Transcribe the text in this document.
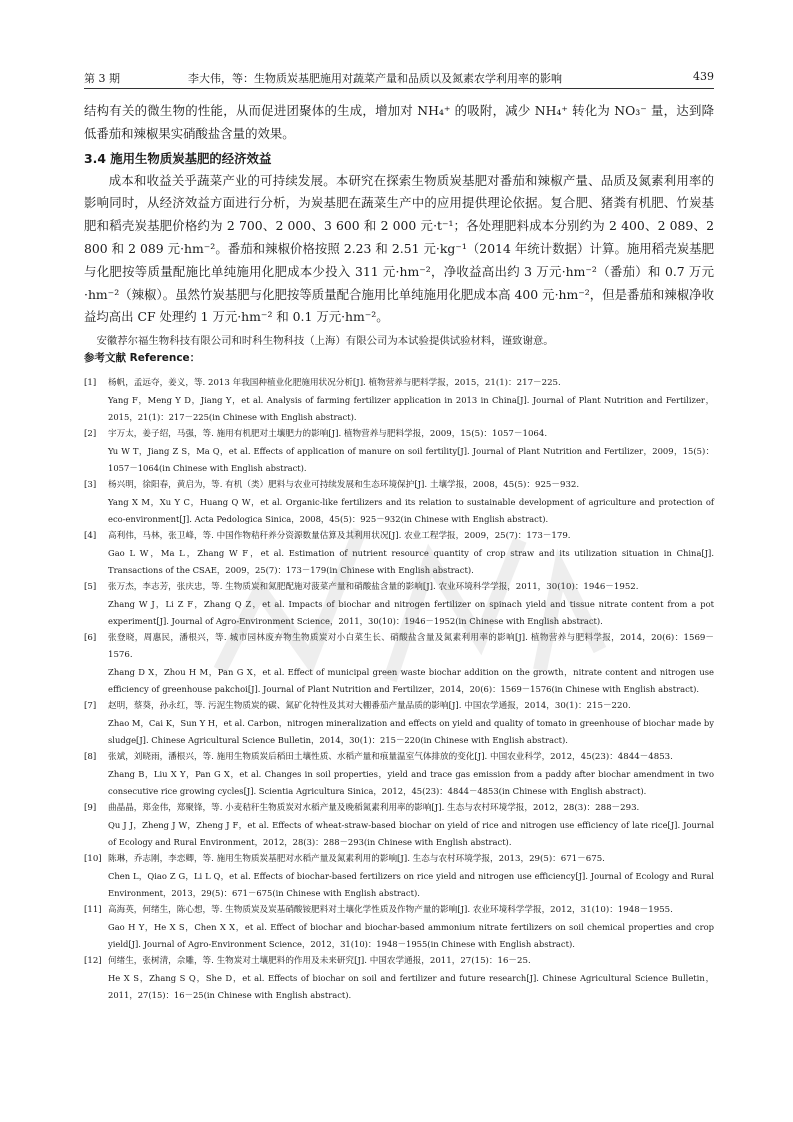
第 3 期	李大伟，等：生物质炭基肥施用对蔬菜产量和品质以及氮素农学利用率的影响	439

结构有关的微生物的性能，从而促进团聚体的生成，增加对 NH₄⁺ 的吸附，减少 NH₄⁺ 转化为 NO₃⁻ 量，达到降低番茄和辣椒果实硝酸盐含量的效果。

3.4 施用生物质炭基肥的经济效益

成本和收益关乎蔬菜产业的可持续发展。本研究在探索生物质炭基肥对番茄和辣椒产量、品质及氮素利用率的影响同时，从经济效益方面进行分析，为炭基肥在蔬菜生产中的应用提供理论依据。复合肥、猪粪有机肥、竹炭基肥和稻壳炭基肥价格约为 2 700、2 000、3 600 和 2 000 元·t⁻¹；各处理肥料成本分别约为 2 400、2 089、2 800 和 2 089 元·hm⁻²。番茄和辣椒价格按照 2.23 和 2.51 元·kg⁻¹（2014 年统计数据）计算。施用稻壳炭基肥与化肥按等质量配施比单纯施用化肥成本少投入 311 元·hm⁻²，净收益高出约 3 万元·hm⁻²（番茄）和 0.7 万元·hm⁻²（辣椒）。虽然竹炭基肥与化肥按等质量配合施用比单纯施用化肥成本高 400 元·hm⁻²，但是番茄和辣椒净收益均高出 CF 处理约 1 万元·hm⁻² 和 0.1 万元·hm⁻²。

安徽荐尔福生物科技有限公司和时科生物科技（上海）有限公司为本试验提供试验材料，谨致谢意。

参考文献 Reference：
[1] 杨帆，孟远夺，姜义，等. 2013 年我国种植业化肥施用状况分析[J]. 植物营养与肥料学报，2015，21(1)：217－225.

Yang F，Meng Y D，Jiang Y，et al. Analysis of farming fertilizer application in 2013 in China[J]. Journal of Plant Nutrition and Fertilizer，2015，21(1)：217－225(in Chinese with English abstract).

[2] 宇万太，姜子绍，马强，等. 施用有机肥对土壤肥力的影响[J]. 植物营养与肥料学报，2009，15(5)：1057－1064.

Yu W T，Jiang Z S，Ma Q，et al. Effects of application of manure on soil fertility[J]. Journal of Plant Nutrition and Fertilizer，2009，15(5)：1057－1064(in Chinese with English abstract).

[3] 杨兴明，徐阳春，黄启为，等. 有机（类）肥料与农业可持续发展和生态环境保护[J]. 土壤学报，2008，45(5)：925－932.

Yang X M，Xu Y C，Huang Q W，et al. Organic-like fertilizers and its relation to sustainable development of agriculture and protection of eco-environment[J]. Acta Pedologica Sinica，2008，45(5)：925－932(in Chinese with English abstract).

[4] 高利伟，马林，张卫峰，等. 中国作物秸秆养分资源数量估算及其利用状况[J]. 农业工程学报，2009，25(7)：173－179.

Gao L W，Ma L，Zhang W F，et al. Estimation of nutrient resource quantity of crop straw and its utilization situation in China[J]. Transactions of the CSAE，2009，25(7)：173－179(in Chinese with English abstract).

[5] 张万杰，李志芳，张庆忠，等. 生物质炭和氮肥配施对菠菜产量和硝酸盐含量的影响[J]. 农业环境科学学报，2011，30(10)：1946－1952.

Zhang W J，Li Z F，Zhang Q Z，et al. Impacts of biochar and nitrogen fertilizer on spinach yield and tissue nitrate content from a pot experiment[J]. Journal of Agro-Environment Science，2011，30(10)：1946－1952(in Chinese with English abstract).

[6] 张登晓，周惠民，潘根兴，等. 城市园林废弃物生物质炭对小白菜生长、硝酸盐含量及氮素利用率的影响[J]. 植物营养与肥料学报，2014，20(6)：1569－1576.

Zhang D X，Zhou H M，Pan G X，et al. Effect of municipal green waste biochar addition on the growth，nitrate content and nitrogen use efficiency of greenhouse pakchoi[J]. Journal of Plant Nutrition and Fertilizer，2014，20(6)：1569－1576(in Chinese with English abstract).

[7] 赵明，蔡葵，孙永红，等. 污泥生物质炭的碳、氮矿化特性及其对大棚番茄产量品质的影响[J]. 中国农学通报，2014，30(1)：215－220.

Zhao M，Cai K，Sun Y H，et al. Carbon，nitrogen mineralization and effects on yield and quality of tomato in greenhouse of biochar made by sludge[J]. Chinese Agricultural Science Bulletin，2014，30(1)：215－220(in Chinese with English abstract).

[8] 张斌，刘晓雨，潘根兴，等. 施用生物质炭后稻田土壤性质、水稻产量和痕量温室气体排放的变化[J]. 中国农业科学，2012，45(23)：4844－4853.

Zhang B，Liu X Y，Pan G X，et al. Changes in soil properties，yield and trace gas emission from a paddy after biochar amendment in two consecutive rice growing cycles[J]. Scientia Agricultura Sinica，2012，45(23)：4844－4853(in Chinese with English abstract).

[9] 曲晶晶，郑金伟，郑聚锋，等. 小麦秸秆生物质炭对水稻产量及晚稻氮素利用率的影响[J]. 生态与农村环境学报，2012，28(3)：288－293.

Qu J J，Zheng J W，Zheng J F，et al. Effects of wheat-straw-based biochar on yield of rice and nitrogen use efficiency of late rice[J]. Journal of Ecology and Rural Environment，2012，28(3)：288－293(in Chinese with English abstract).

[10] 陈琳，乔志刚，李恋卿，等. 施用生物质炭基肥对水稻产量及氮素利用的影响[J]. 生态与农村环境学报，2013，29(5)：671－675.

Chen L，Qiao Z G，Li L Q，et al. Effects of biochar-based fertilizers on rice yield and nitrogen use efficiency[J]. Journal of Ecology and Rural Environment，2013，29(5)：671－675(in Chinese with English abstract).

[11] 高海英，何绪生，陈心想，等. 生物质炭及炭基硝酸铵肥料对土壤化学性质及作物产量的影响[J]. 农业环境科学学报，2012，31(10)：1948－1955.

Gao H Y，He X S，Chen X X，et al. Effect of biochar and biochar-based ammonium nitrate fertilizers on soil chemical properties and crop yield[J]. Journal of Agro-Environment Science，2012，31(10)：1948－1955(in Chinese with English abstract).

[12] 何绪生，张树清，佘雕，等. 生物炭对土壤肥料的作用及未来研究[J]. 中国农学通报，2011，27(15)：16－25.

He X S，Zhang S Q，She D，et al. Effects of biochar on soil and fertilizer and future research[J]. Chinese Agricultural Science Bulletin，2011，27(15)：16－25(in Chinese with English abstract).
